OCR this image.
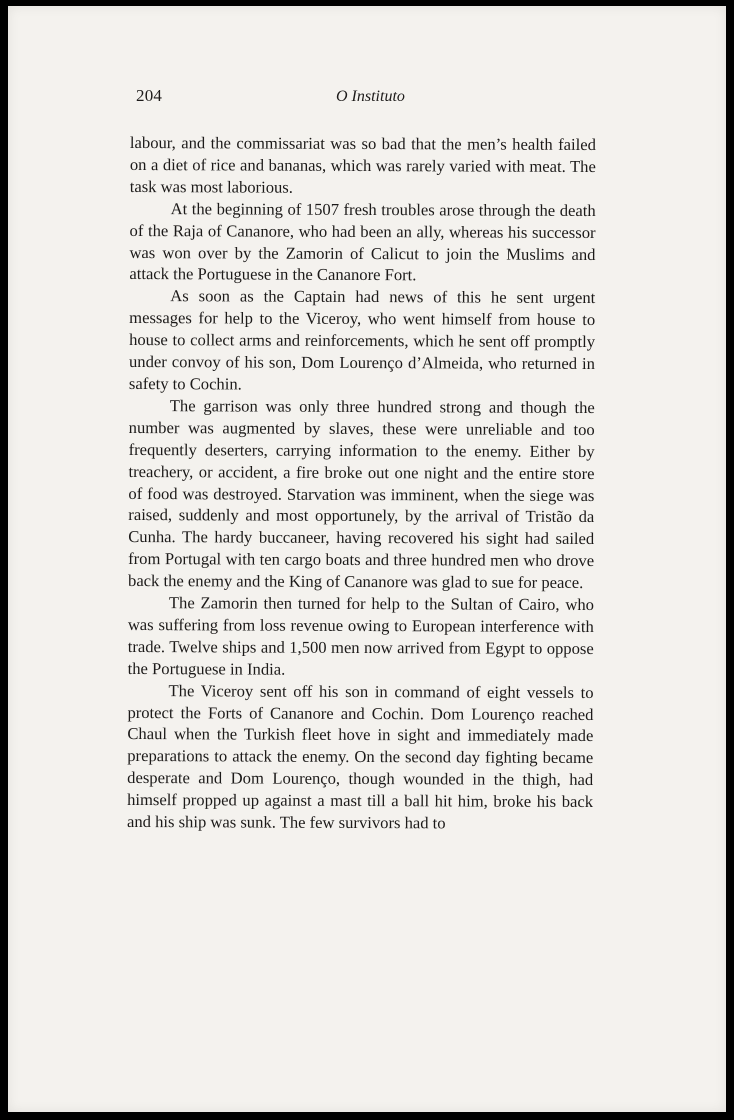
204	O Instituto

labour, and the commissariat was so bad that the men’s health failed on a diet of rice and bananas, which was rarely varied with meat. The task was most laborious.

At the beginning of 1507 fresh troubles arose through the death of the Raja of Cananore, who had been an ally, whereas his successor was won over by the Zamorin of Calicut to join the Muslims and attack the Portuguese in the Cananore Fort.

As soon as the Captain had news of this he sent urgent messages for help to the Viceroy, who went himself from house to house to collect arms and reinforcements, which he sent off promptly under convoy of his son, Dom Lourenço d’Almeida, who returned in safety to Cochin.

The garrison was only three hundred strong and though the number was augmented by slaves, these were unreliable and too frequently deserters, carrying information to the enemy. Either by treachery, or accident, a fire broke out one night and the entire store of food was destroyed. Starvation was imminent, when the siege was raised, suddenly and most opportunely, by the arrival of Tristão da Cunha. The hardy buccaneer, having recovered his sight had sailed from Portugal with ten cargo boats and three hundred men who drove back the enemy and the King of Cananore was glad to sue for peace.

The Zamorin then turned for help to the Sultan of Cairo, who was suffering from loss revenue owing to European interference with trade. Twelve ships and 1,500 men now arrived from Egypt to oppose the Portuguese in India.

The Viceroy sent off his son in command of eight vessels to protect the Forts of Cananore and Cochin. Dom Lourenço reached Chaul when the Turkish fleet hove in sight and immediately made preparations to attack the enemy. On the second day fighting became desperate and Dom Lourenço, though wounded in the thigh, had himself propped up against a mast till a ball hit him, broke his back and his ship was sunk. The few survivors had to
